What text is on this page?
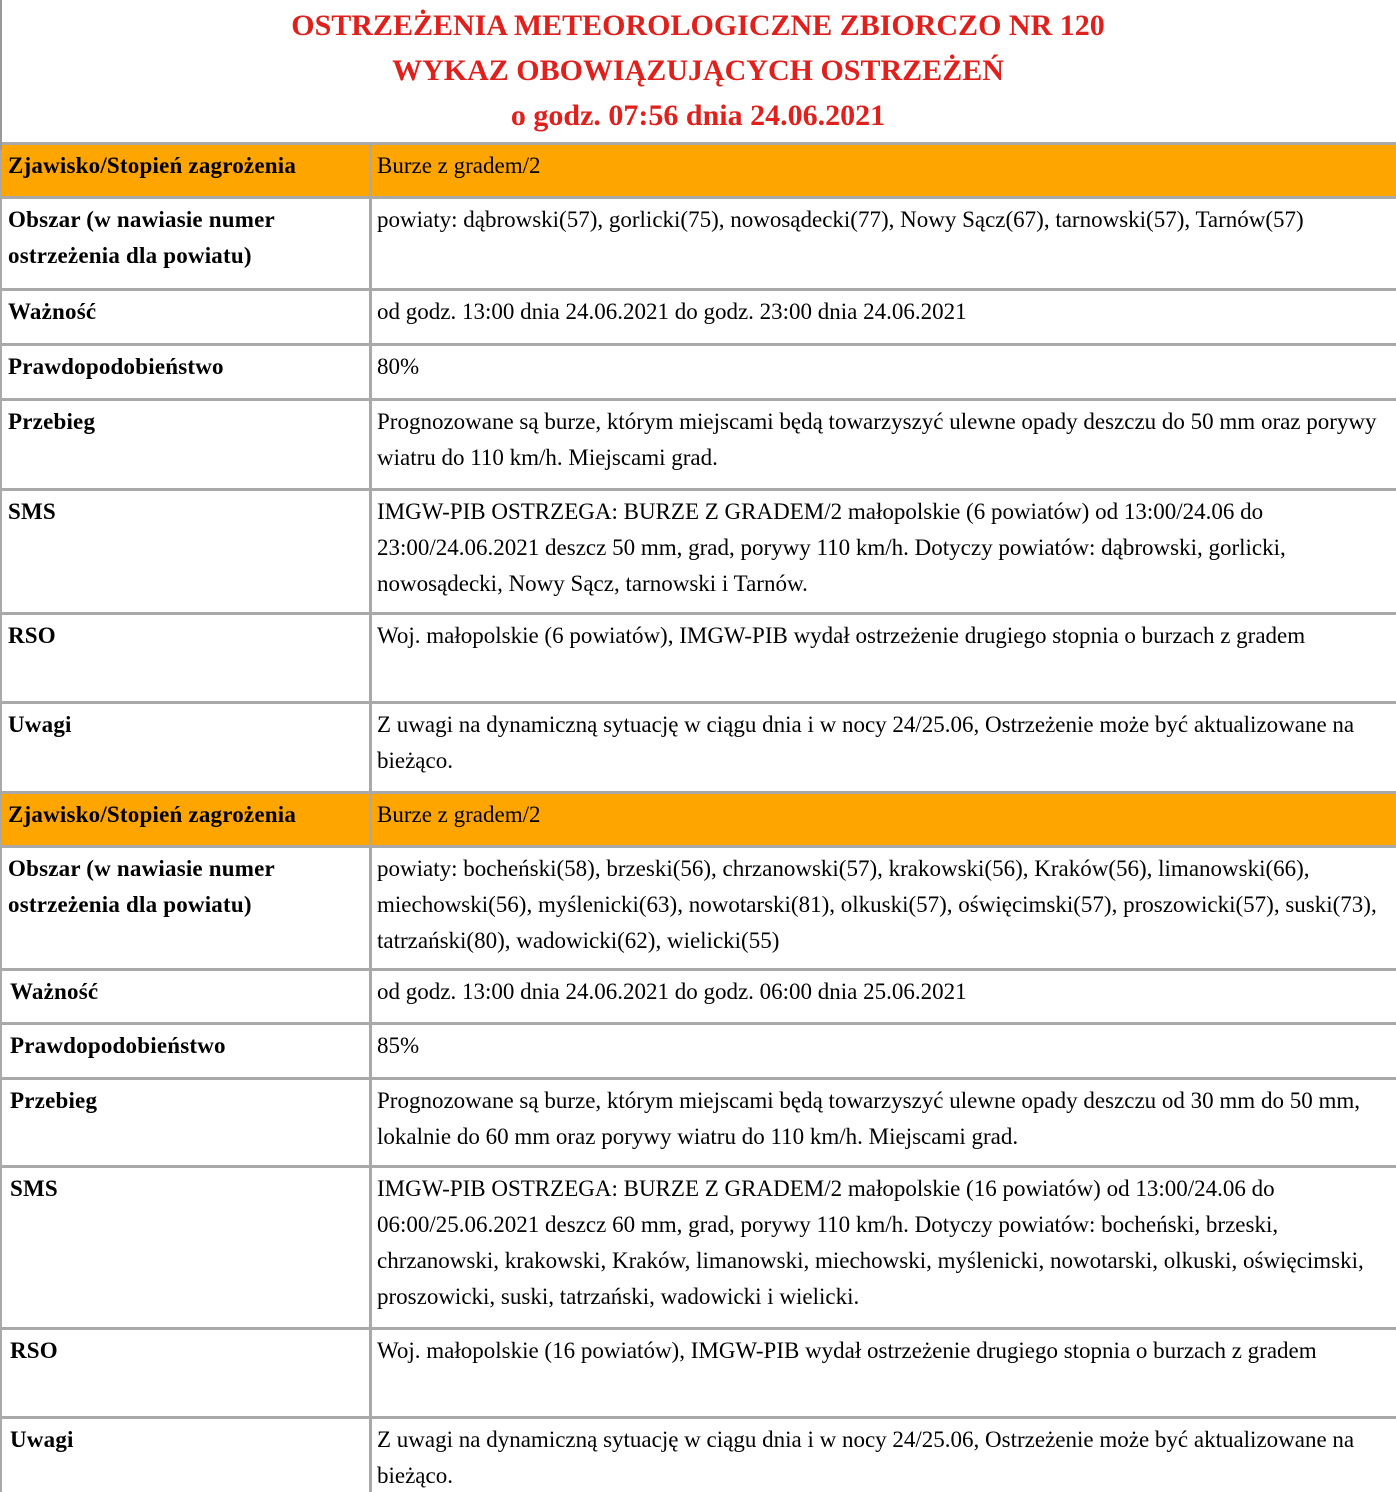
OSTRZEŻENIA METEOROLOGICZNE ZBIORCZO NR 120
WYKAZ OBOWIĄZUJĄCYCH OSTRZEŻEŃ
o godz. 07:56 dnia 24.06.2021
Zjawisko/Stopień zagrożenia	Burze z gradem/2
Obszar (w nawiasie numer ostrzeżenia dla powiatu)	powiaty: dąbrowski(57), gorlicki(75), nowosądecki(77), Nowy Sącz(67), tarnowski(57), Tarnów(57)
Ważność	od godz. 13:00 dnia 24.06.2021 do godz. 23:00 dnia 24.06.2021
Prawdopodobieństwo	80%
Przebieg	Prognozowane są burze, którym miejscami będą towarzyszyć ulewne opady deszczu do 50 mm oraz porywy wiatru do 110 km/h. Miejscami grad.
SMS	IMGW-PIB OSTRZEGA: BURZE Z GRADEM/2 małopolskie (6 powiatów) od 13:00/24.06 do 23:00/24.06.2021 deszcz 50 mm, grad, porywy 110 km/h. Dotyczy powiatów: dąbrowski, gorlicki, nowosądecki, Nowy Sącz, tarnowski i Tarnów.
RSO	Woj. małopolskie (6 powiatów), IMGW-PIB wydał ostrzeżenie drugiego stopnia o burzach z gradem
Uwagi	Z uwagi na dynamiczną sytuację w ciągu dnia i w nocy 24/25.06, Ostrzeżenie może być aktualizowane na bieżąco.
Zjawisko/Stopień zagrożenia	Burze z gradem/2
Obszar (w nawiasie numer ostrzeżenia dla powiatu)	powiaty: bocheński(58), brzeski(56), chrzanowski(57), krakowski(56), Kraków(56), limanowski(66), miechowski(56), myślenicki(63), nowotarski(81), olkuski(57), oświęcimski(57), proszowicki(57), suski(73), tatrzański(80), wadowicki(62), wielicki(55)
Ważność	od godz. 13:00 dnia 24.06.2021 do godz. 06:00 dnia 25.06.2021
Prawdopodobieństwo	85%
Przebieg	Prognozowane są burze, którym miejscami będą towarzyszyć ulewne opady deszczu od 30 mm do 50 mm, lokalnie do 60 mm oraz porywy wiatru do 110 km/h. Miejscami grad.
SMS	IMGW-PIB OSTRZEGA: BURZE Z GRADEM/2 małopolskie (16 powiatów) od 13:00/24.06 do 06:00/25.06.2021 deszcz 60 mm, grad, porywy 110 km/h. Dotyczy powiatów: bocheński, brzeski, chrzanowski, krakowski, Kraków, limanowski, miechowski, myślenicki, nowotarski, olkuski, oświęcimski, proszowicki, suski, tatrzański, wadowicki i wielicki.
RSO	Woj. małopolskie (16 powiatów), IMGW-PIB wydał ostrzeżenie drugiego stopnia o burzach z gradem
Uwagi	Z uwagi na dynamiczną sytuację w ciągu dnia i w nocy 24/25.06, Ostrzeżenie może być aktualizowane na bieżąco.
